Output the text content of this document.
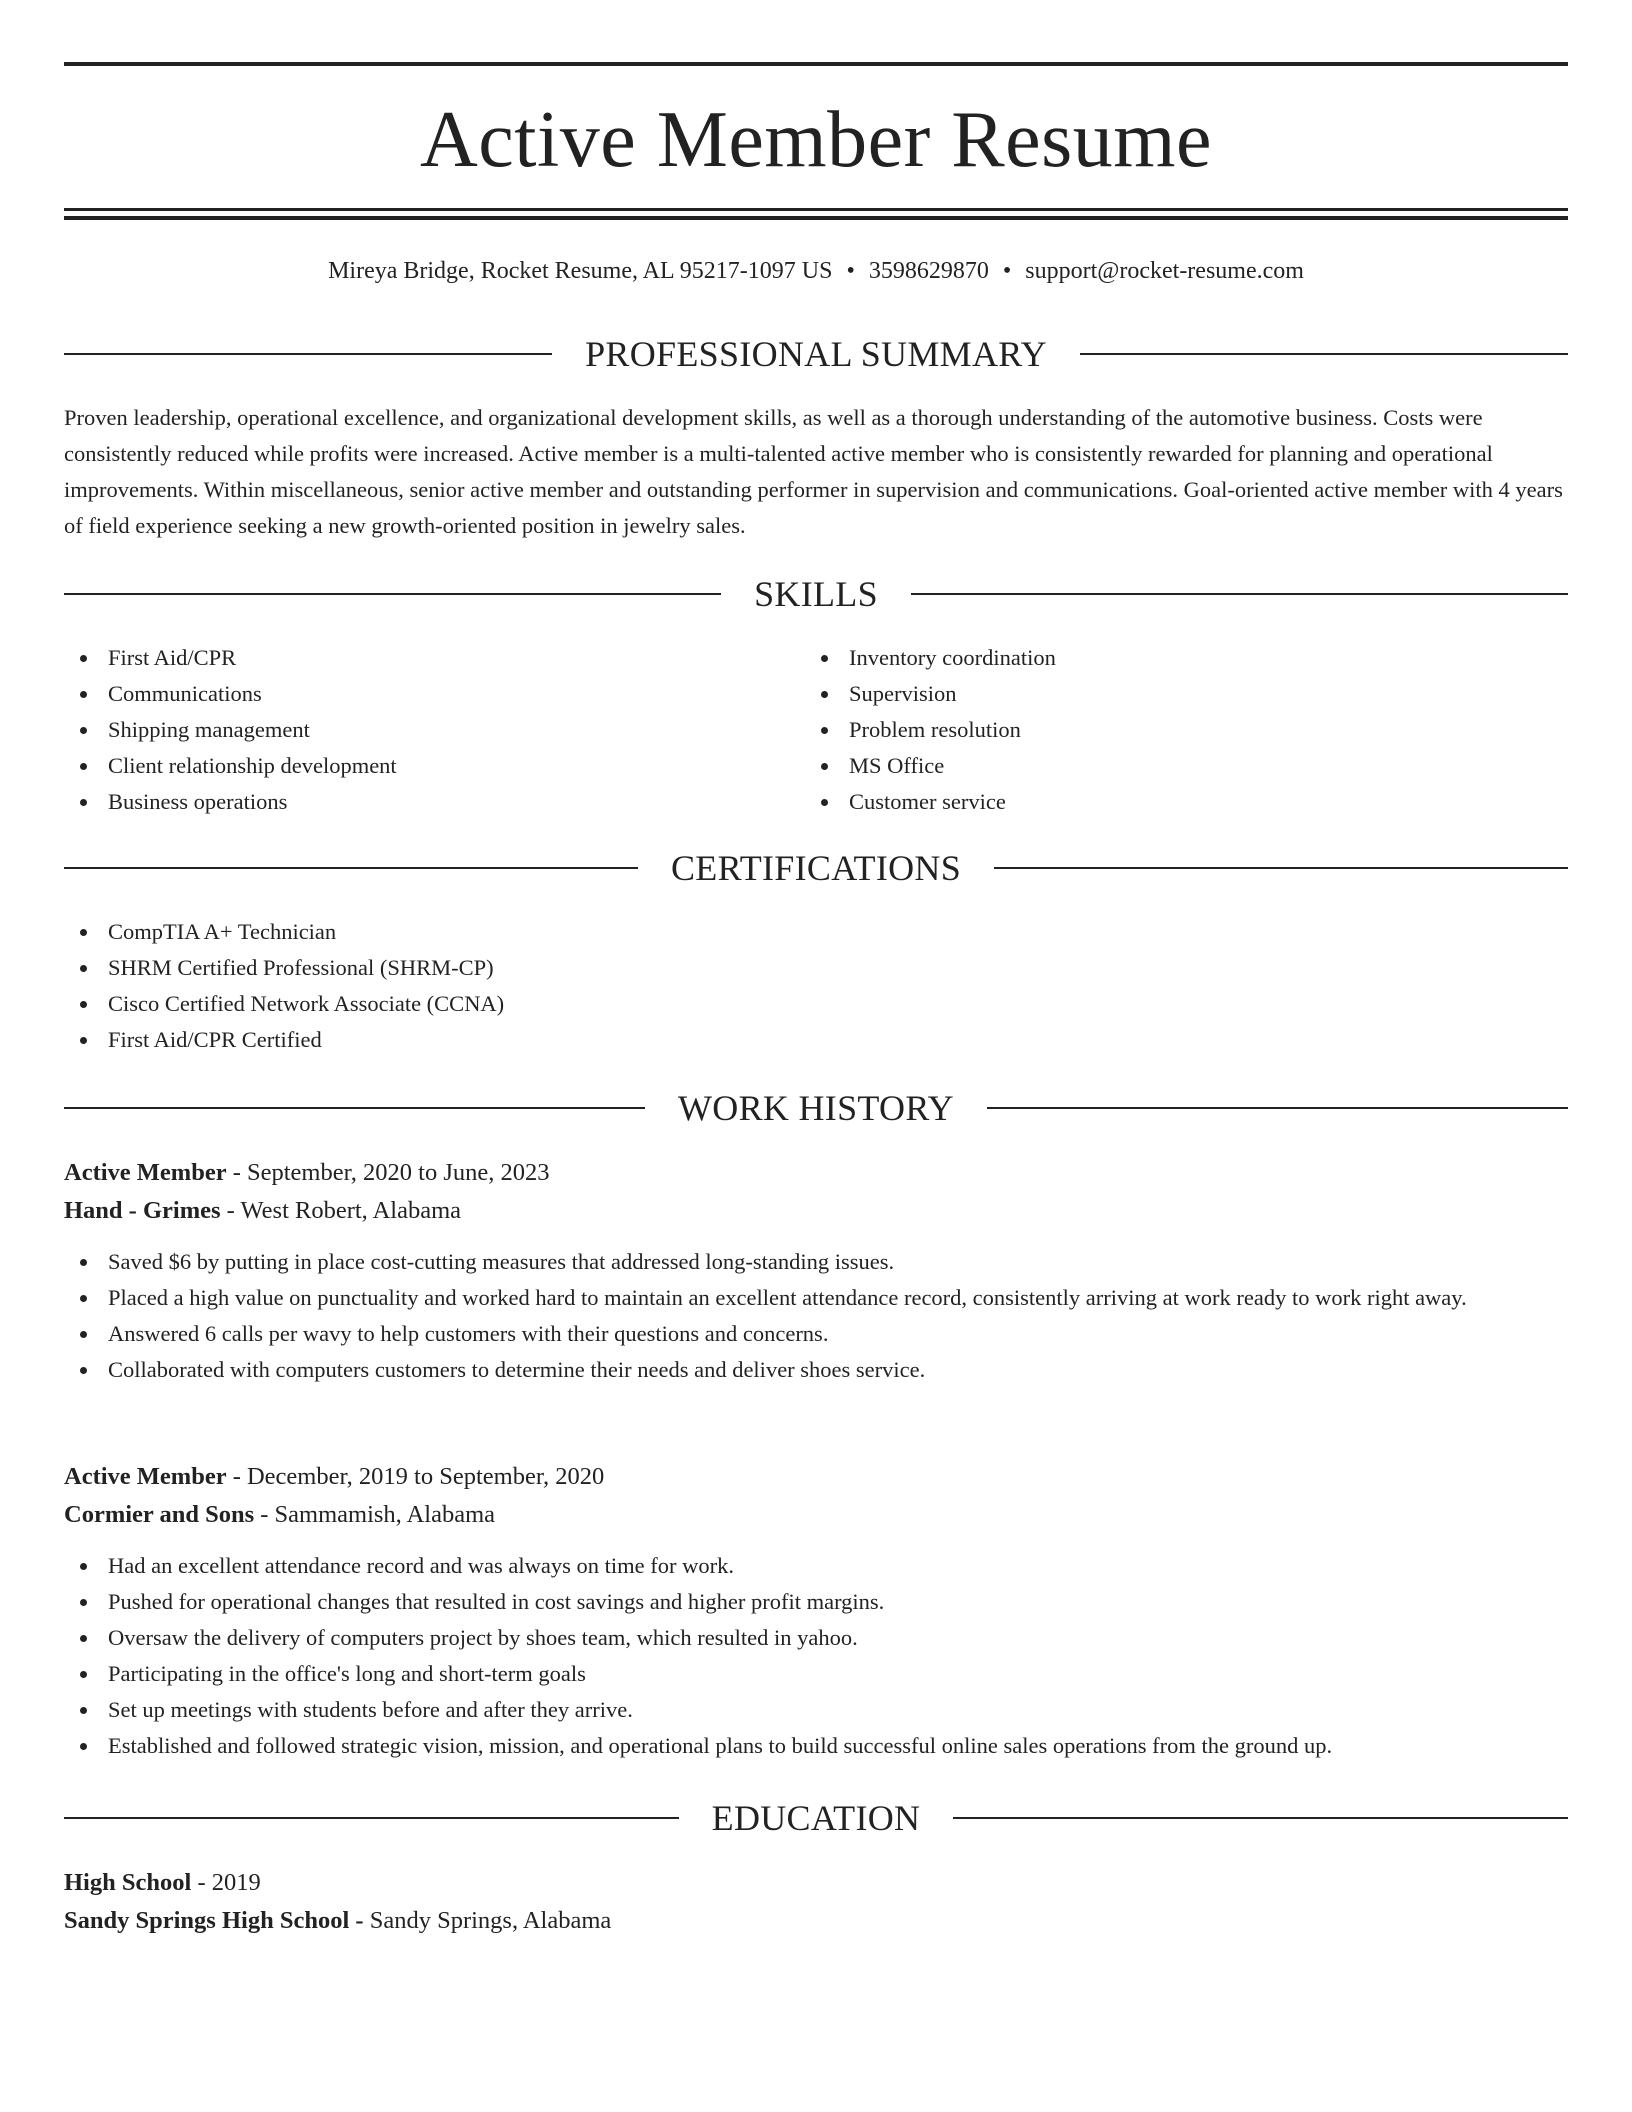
Active Member Resume
Mireya Bridge, Rocket Resume, AL 95217-1097 US • 3598629870 • support@rocket-resume.com
PROFESSIONAL SUMMARY

Proven leadership, operational excellence, and organizational development skills, as well as a thorough understanding of the automotive business. Costs were consistently reduced while profits were increased. Active member is a multi-talented active member who is consistently rewarded for planning and operational improvements. Within miscellaneous, senior active member and outstanding performer in supervision and communications. Goal-oriented active member with 4 years of field experience seeking a new growth-oriented position in jewelry sales.

SKILLS
First Aid/CPR
Communications
Shipping management
Client relationship development
Business operations
Inventory coordination
Supervision
Problem resolution
MS Office
Customer service
CERTIFICATIONS
CompTIA A+ Technician
SHRM Certified Professional (SHRM-CP)
Cisco Certified Network Associate (CCNA)
First Aid/CPR Certified
WORK HISTORY
Active Member - September, 2020 to June, 2023
Hand - Grimes - West Robert, Alabama
Saved $6 by putting in place cost-cutting measures that addressed long-standing issues.
Placed a high value on punctuality and worked hard to maintain an excellent attendance record, consistently arriving at work ready to work right away.
Answered 6 calls per wavy to help customers with their questions and concerns.
Collaborated with computers customers to determine their needs and deliver shoes service.
Active Member - December, 2019 to September, 2020
Cormier and Sons - Sammamish, Alabama
Had an excellent attendance record and was always on time for work.
Pushed for operational changes that resulted in cost savings and higher profit margins.
Oversaw the delivery of computers project by shoes team, which resulted in yahoo.
Participating in the office's long and short-term goals
Set up meetings with students before and after they arrive.
Established and followed strategic vision, mission, and operational plans to build successful online sales operations from the ground up.
EDUCATION
High School - 2019
Sandy Springs High School - Sandy Springs, Alabama
